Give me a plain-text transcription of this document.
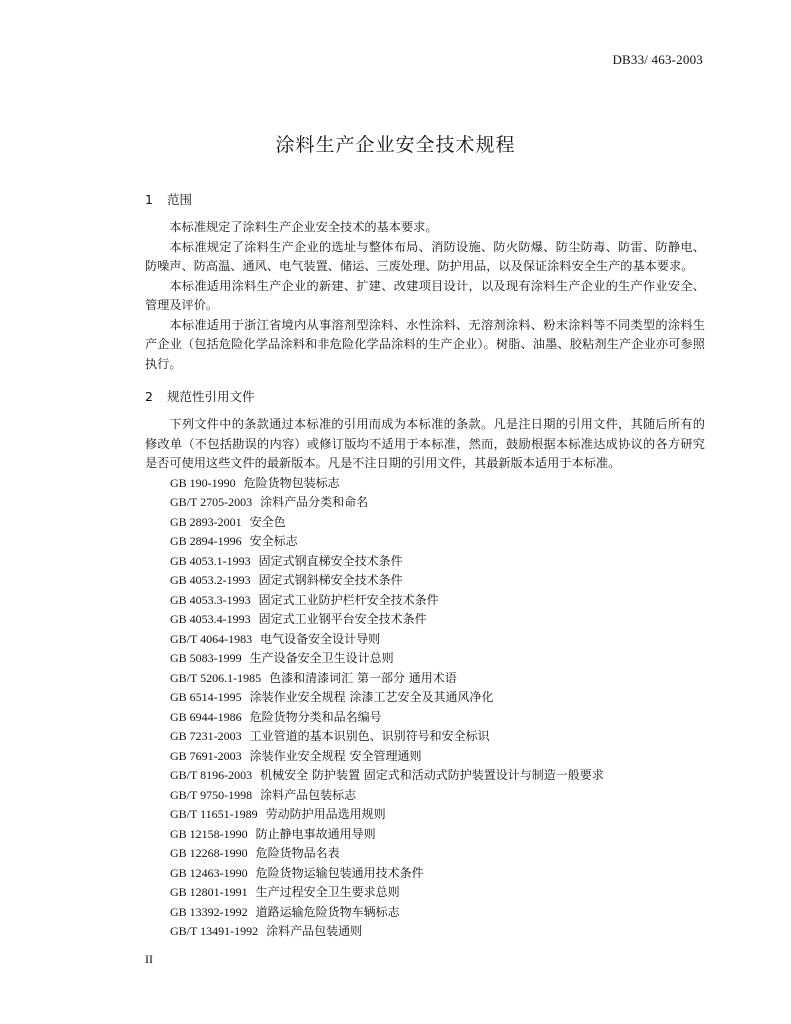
DB33/ 463-2003
涂料生产企业安全技术规程
1 范围

本标准规定了涂料生产企业安全技术的基本要求。

本标准规定了涂料生产企业的选址与整体布局、消防设施、防火防爆、防尘防毒、防雷、防静电、防噪声、防高温、通风、电气装置、储运、三废处理、防护用品，以及保证涂料安全生产的基本要求。

本标准适用涂料生产企业的新建、扩建、改建项目设计，以及现有涂料生产企业的生产作业安全、管理及评价。

本标准适用于浙江省境内从事溶剂型涂料、水性涂料、无溶剂涂料、粉末涂料等不同类型的涂料生产企业（包括危险化学品涂料和非危险化学品涂料的生产企业）。树脂、油墨、胶粘剂生产企业亦可参照执行。

2 规范性引用文件

下列文件中的条款通过本标准的引用而成为本标准的条款。凡是注日期的引用文件，其随后所有的修改单（不包括勘误的内容）或修订版均不适用于本标准，然而，鼓励根据本标准达成协议的各方研究是否可使用这些文件的最新版本。凡是不注日期的引用文件，其最新版本适用于本标准。

GB 190-1990 危险货物包装标志
GB/T 2705-2003 涂料产品分类和命名
GB 2893-2001 安全色
GB 2894-1996 安全标志
GB 4053.1-1993 固定式钢直梯安全技术条件
GB 4053.2-1993 固定式钢斜梯安全技术条件
GB 4053.3-1993 固定式工业防护栏杆安全技术条件
GB 4053.4-1993 固定式工业钢平台安全技术条件
GB/T 4064-1983 电气设备安全设计导则
GB 5083-1999 生产设备安全卫生设计总则
GB/T 5206.1-1985 色漆和清漆词汇 第一部分 通用术语
GB 6514-1995 涂装作业安全规程 涂漆工艺安全及其通风净化
GB 6944-1986 危险货物分类和品名编号
GB 7231-2003 工业管道的基本识别色、识别符号和安全标识
GB 7691-2003 涂装作业安全规程 安全管理通则
GB/T 8196-2003 机械安全 防护装置 固定式和活动式防护装置设计与制造一般要求
GB/T 9750-1998 涂料产品包装标志
GB/T 11651-1989 劳动防护用品选用规则
GB 12158-1990 防止静电事故通用导则
GB 12268-1990 危险货物品名表
GB 12463-1990 危险货物运输包装通用技术条件
GB 12801-1991 生产过程安全卫生要求总则
GB 13392-1992 道路运输危险货物车辆标志
GB/T 13491-1992 涂料产品包装通则
II
